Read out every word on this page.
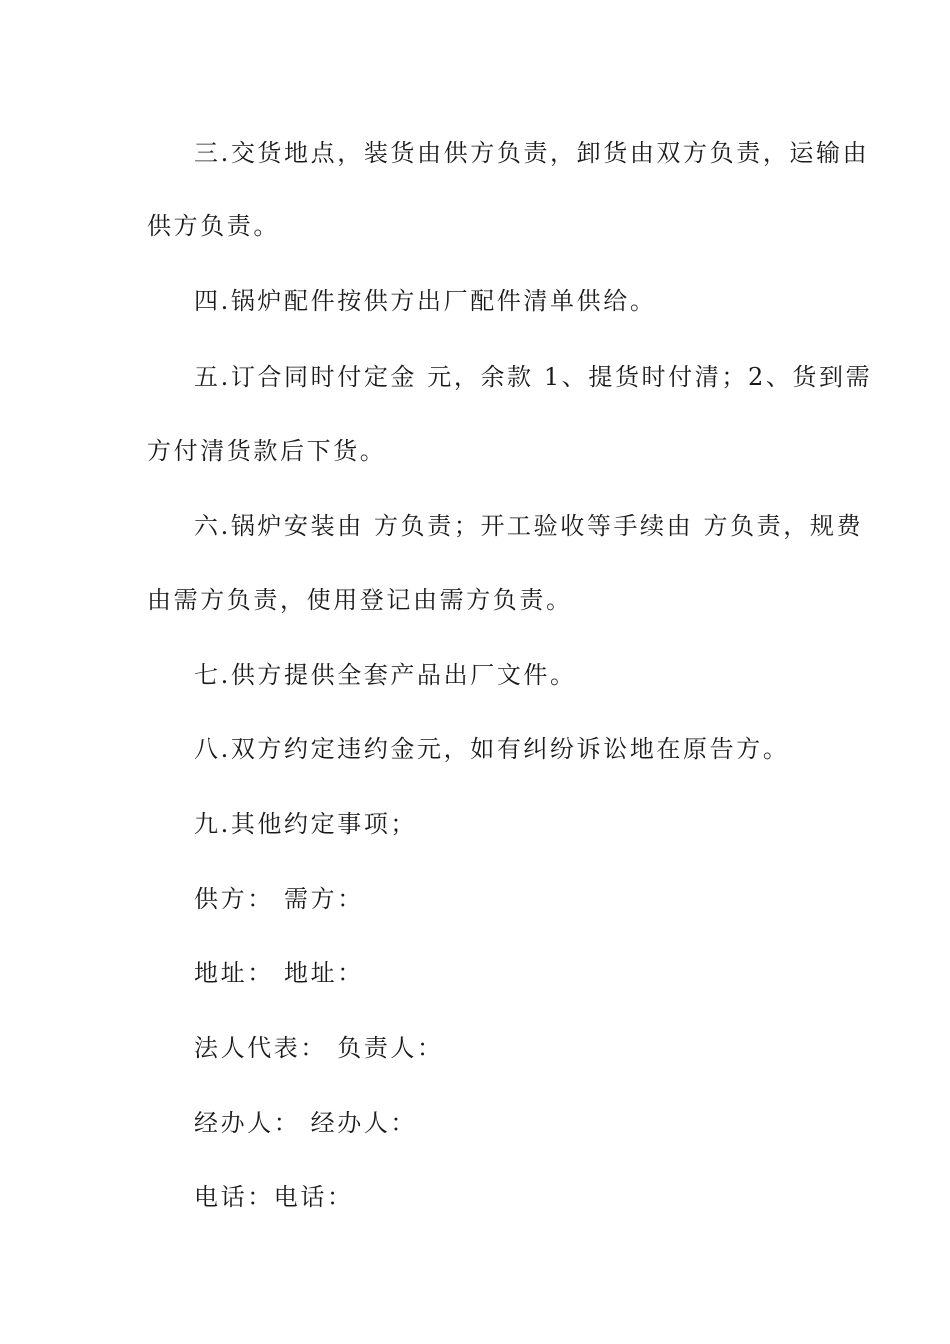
三.交货地点，装货由供方负责，卸货由双方负责，运输由
供方负责。
四.锅炉配件按供方出厂配件清单供给。
五.订合同时付定金 元，余款 1、提货时付清；2、货到需
方付清货款后下货。
六.锅炉安装由 方负责；开工验收等手续由 方负责，规费
由需方负责，使用登记由需方负责。
七.供方提供全套产品出厂文件。
八.双方约定违约金元，如有纠纷诉讼地在原告方。
九.其他约定事项；
供方： 需方：
地址： 地址：
法人代表： 负责人：
经办人： 经办人：
电话：电话：
